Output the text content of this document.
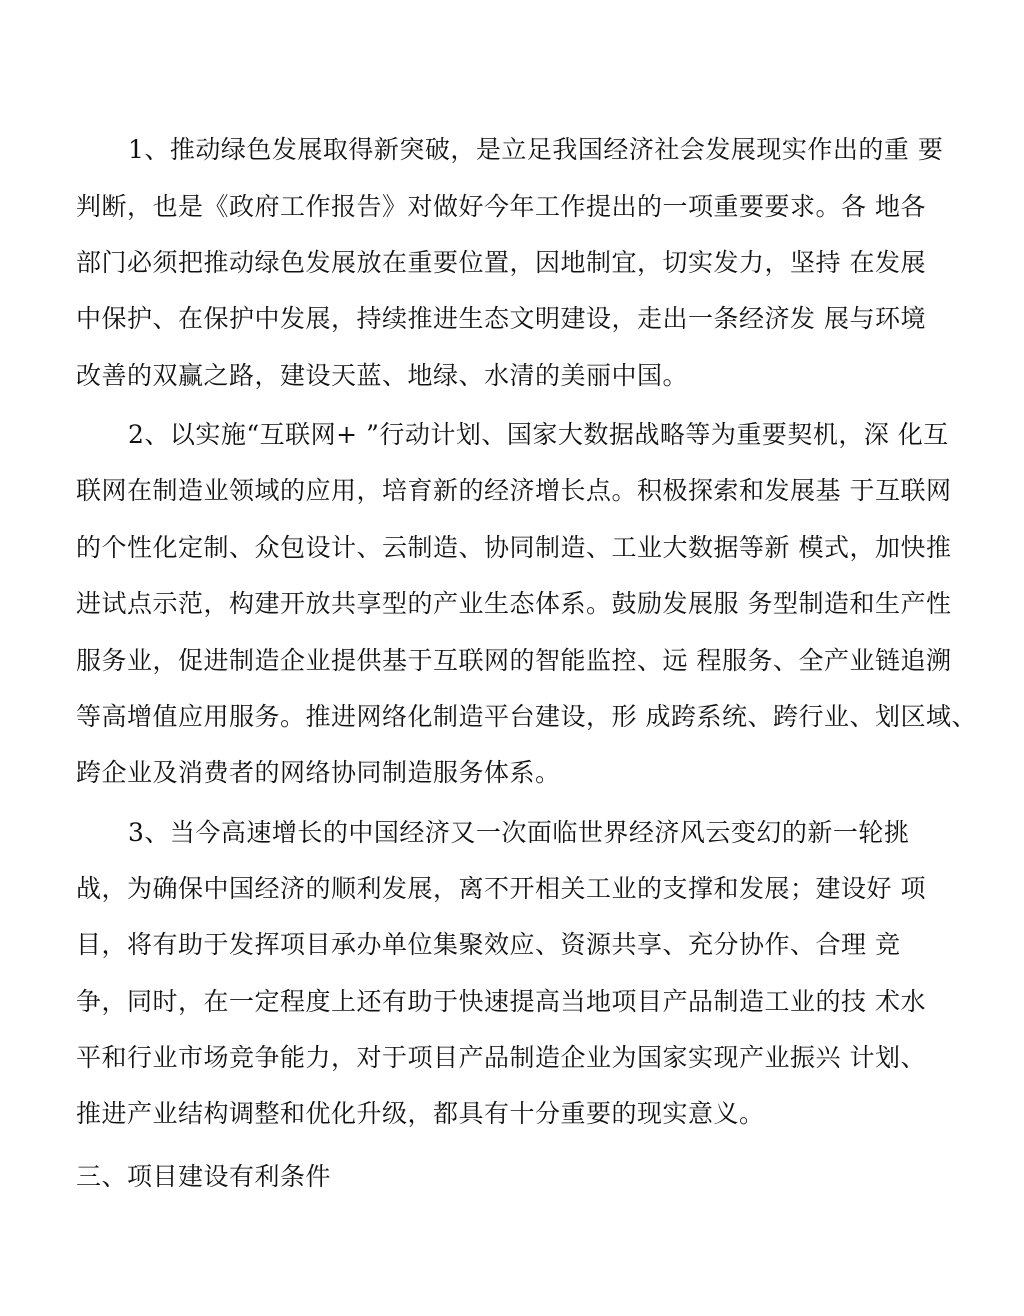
1、推动绿色发展取得新突破，是立足我国经济社会发展现实作出的重 要
判断，也是《政府工作报告》对做好今年工作提出的一项重要要求。各 地各
部门必须把推动绿色发展放在重要位置，因地制宜，切实发力，坚持 在发展
中保护、在保护中发展，持续推进生态文明建设，走出一条经济发 展与环境
改善的双赢之路，建设天蓝、地绿、水清的美丽中国。
2、以实施“互联网+ ”行动计划、国家大数据战略等为重要契机，深 化互
联网在制造业领域的应用，培育新的经济增长点。积极探索和发展基 于互联网
的个性化定制、众包设计、云制造、协同制造、工业大数据等新 模式，加快推
进试点示范，构建开放共享型的产业生态体系。鼓励发展服 务型制造和生产性
服务业，促进制造企业提供基于互联网的智能监控、远 程服务、全产业链追溯
等高增值应用服务。推进网络化制造平台建设，形 成跨系统、跨行业、划区域、
跨企业及消费者的网络协同制造服务体系。
3、当今高速增长的中国经济又一次面临世界经济风云变幻的新一轮挑
战，为确保中国经济的顺利发展，离不开相关工业的支撑和发展；建设好 项
目，将有助于发挥项目承办单位集聚效应、资源共享、充分协作、合理 竞
争，同时，在一定程度上还有助于快速提高当地项目产品制造工业的技 术水
平和行业市场竞争能力，对于项目产品制造企业为国家实现产业振兴 计划、
推进产业结构调整和优化升级，都具有十分重要的现实意义。
三、项目建设有利条件
